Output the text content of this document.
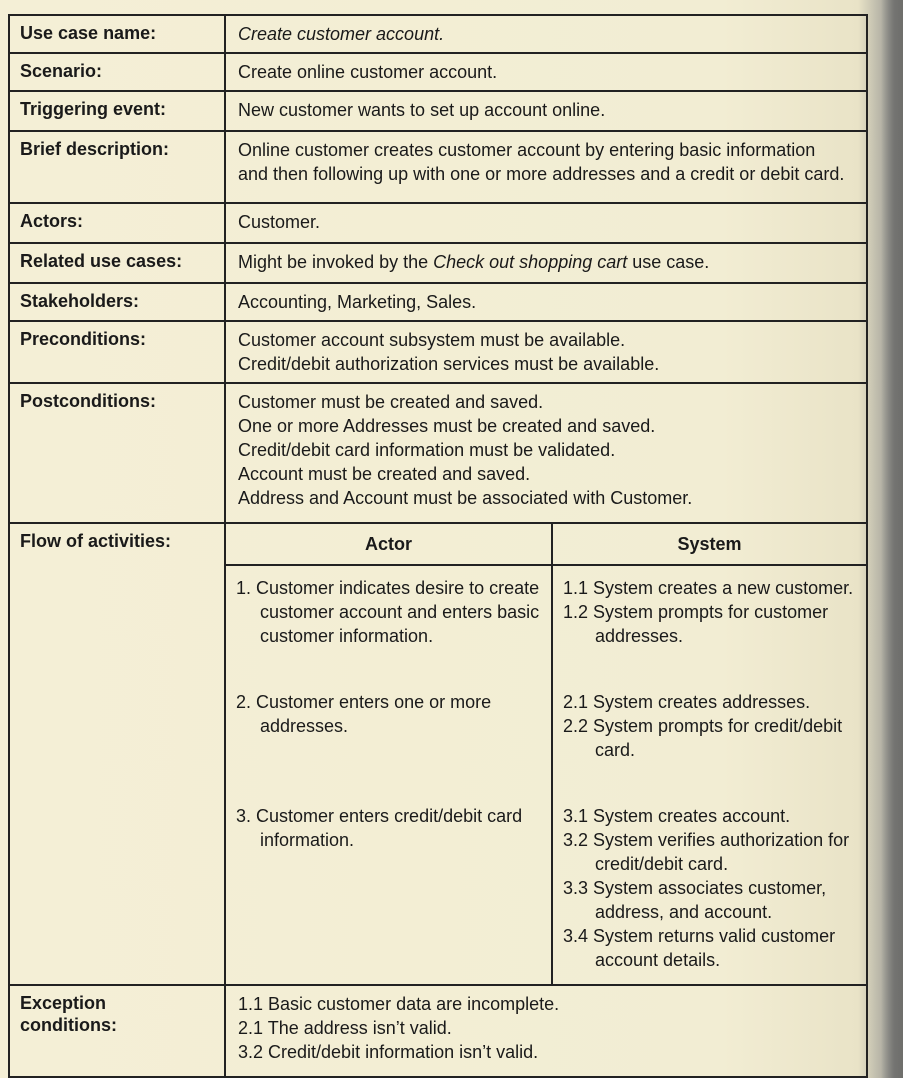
Use case name:	Create customer account.
Scenario:	Create online customer account.
Triggering event:	New customer wants to set up account online.
Brief description:	Online customer creates customer account by entering basic information
and then following up with one or more addresses and a credit or debit card.

Actors:	Customer.
Related use cases:	Might be invoked by the Check out shopping cart use case.
Stakeholders:	Accounting, Marketing, Sales.
Preconditions:	Customer account subsystem must be available.
Credit/debit authorization services must be available.

Postconditions:	Customer must be created and saved.
One or more Addresses must be created and saved.
Credit/debit card information must be validated.
Account must be created and saved.
Address and Account must be associated with Customer.

Flow of activities:		Actor	System

1. Customer indicates desire to create customer account and enters basic customer information.

1.1 System creates a new customer.
1.2 System prompts for customer addresses.

2. Customer enters one or more addresses.

2.1 System creates addresses.
2.2 System prompts for credit/debit card.

3. Customer enters credit/debit card information.

3.1 System creates account.
3.2 System verifies authorization for credit/debit card.
3.3 System associates customer, address, and account.
3.4 System returns valid customer account details.

Exception
conditions:

1.1 Basic customer data are incomplete.
2.1 The address isn’t valid.
3.2 Credit/debit information isn’t valid.
